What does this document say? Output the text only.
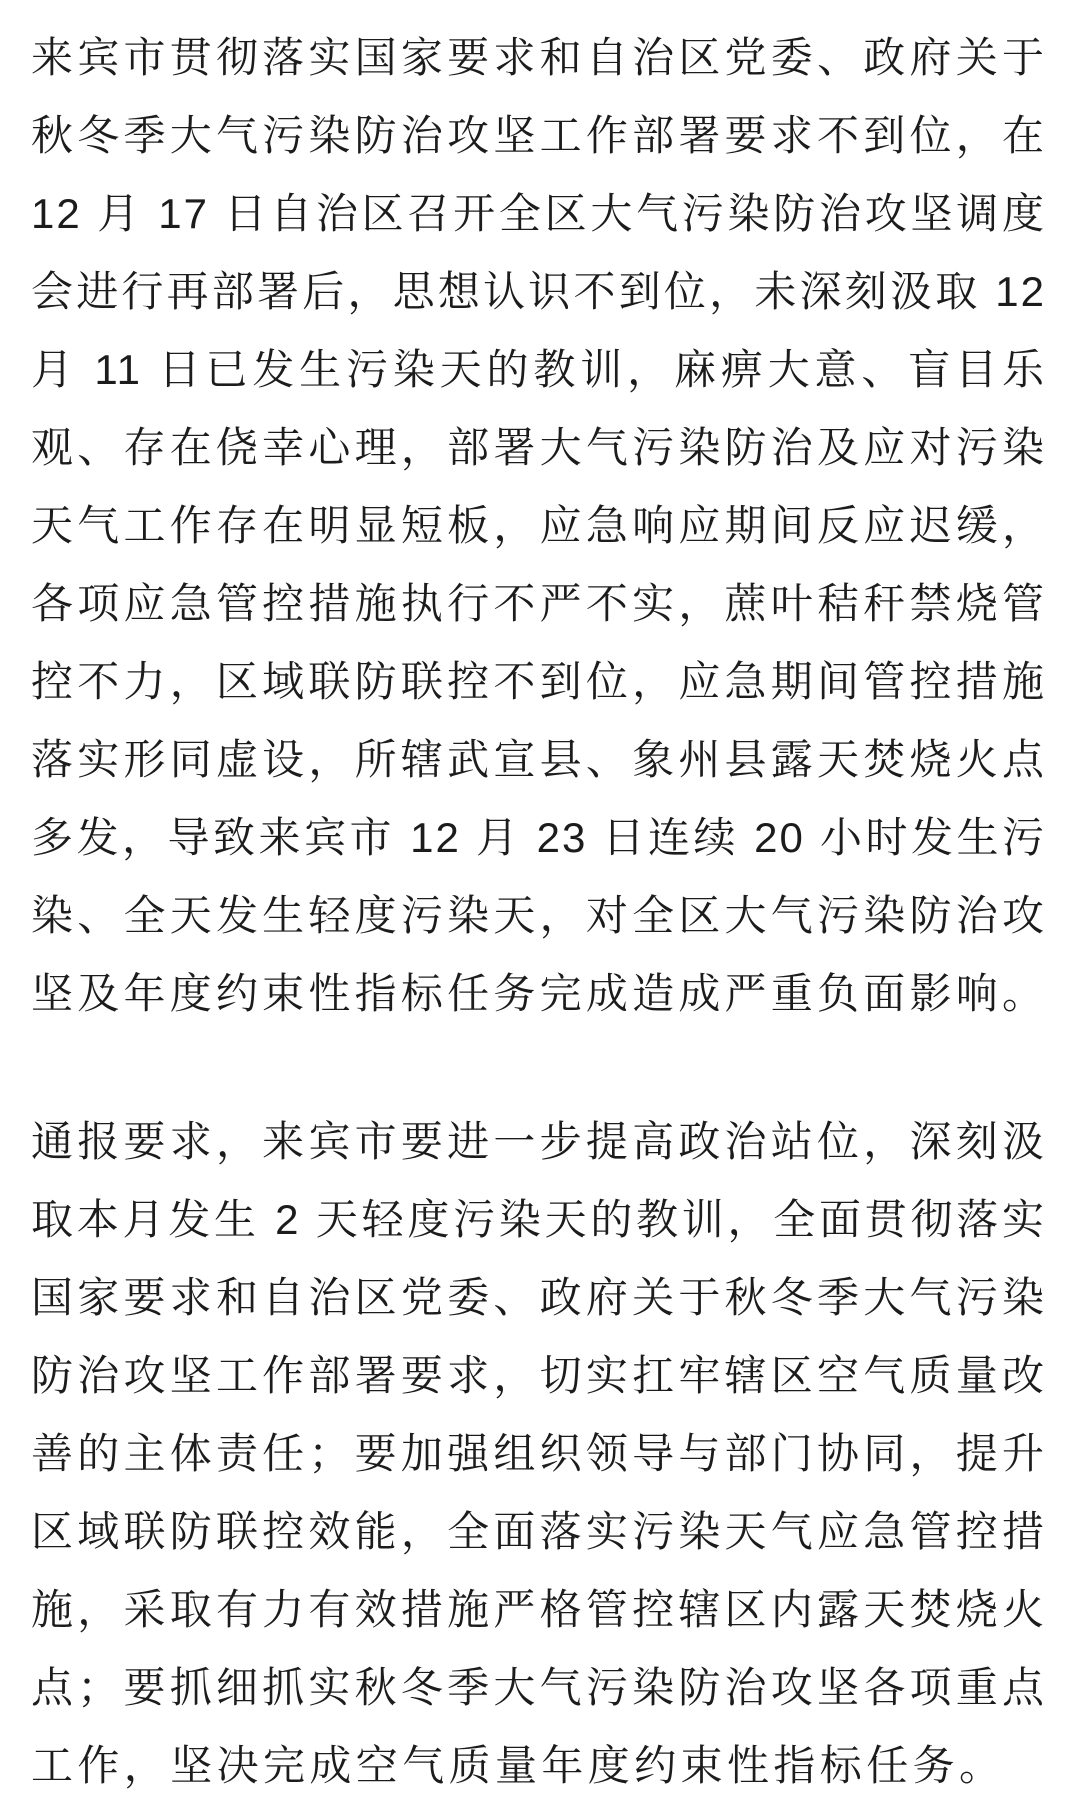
来宾市贯彻落实国家要求和自治区党委、政府关于
秋冬季大气污染防治攻坚工作部署要求不到位，在
12 月 17 日自治区召开全区大气污染防治攻坚调度
会进行再部署后，思想认识不到位，未深刻汲取 12
月 11 日已发生污染天的教训，麻痹大意、盲目乐
观、存在侥幸心理，部署大气污染防治及应对污染
天气工作存在明显短板，应急响应期间反应迟缓，
各项应急管控措施执行不严不实，蔗叶秸秆禁烧管
控不力，区域联防联控不到位，应急期间管控措施
落实形同虚设，所辖武宣县、象州县露天焚烧火点
多发，导致来宾市 12 月 23 日连续 20 小时发生污
染、全天发生轻度污染天，对全区大气污染防治攻
坚及年度约束性指标任务完成造成严重负面影响。
通报要求，来宾市要进一步提高政治站位，深刻汲
取本月发生 2 天轻度污染天的教训，全面贯彻落实
国家要求和自治区党委、政府关于秋冬季大气污染
防治攻坚工作部署要求，切实扛牢辖区空气质量改
善的主体责任；要加强组织领导与部门协同，提升
区域联防联控效能，全面落实污染天气应急管控措
施，采取有力有效措施严格管控辖区内露天焚烧火
点；要抓细抓实秋冬季大气污染防治攻坚各项重点
工作，坚决完成空气质量年度约束性指标任务。
